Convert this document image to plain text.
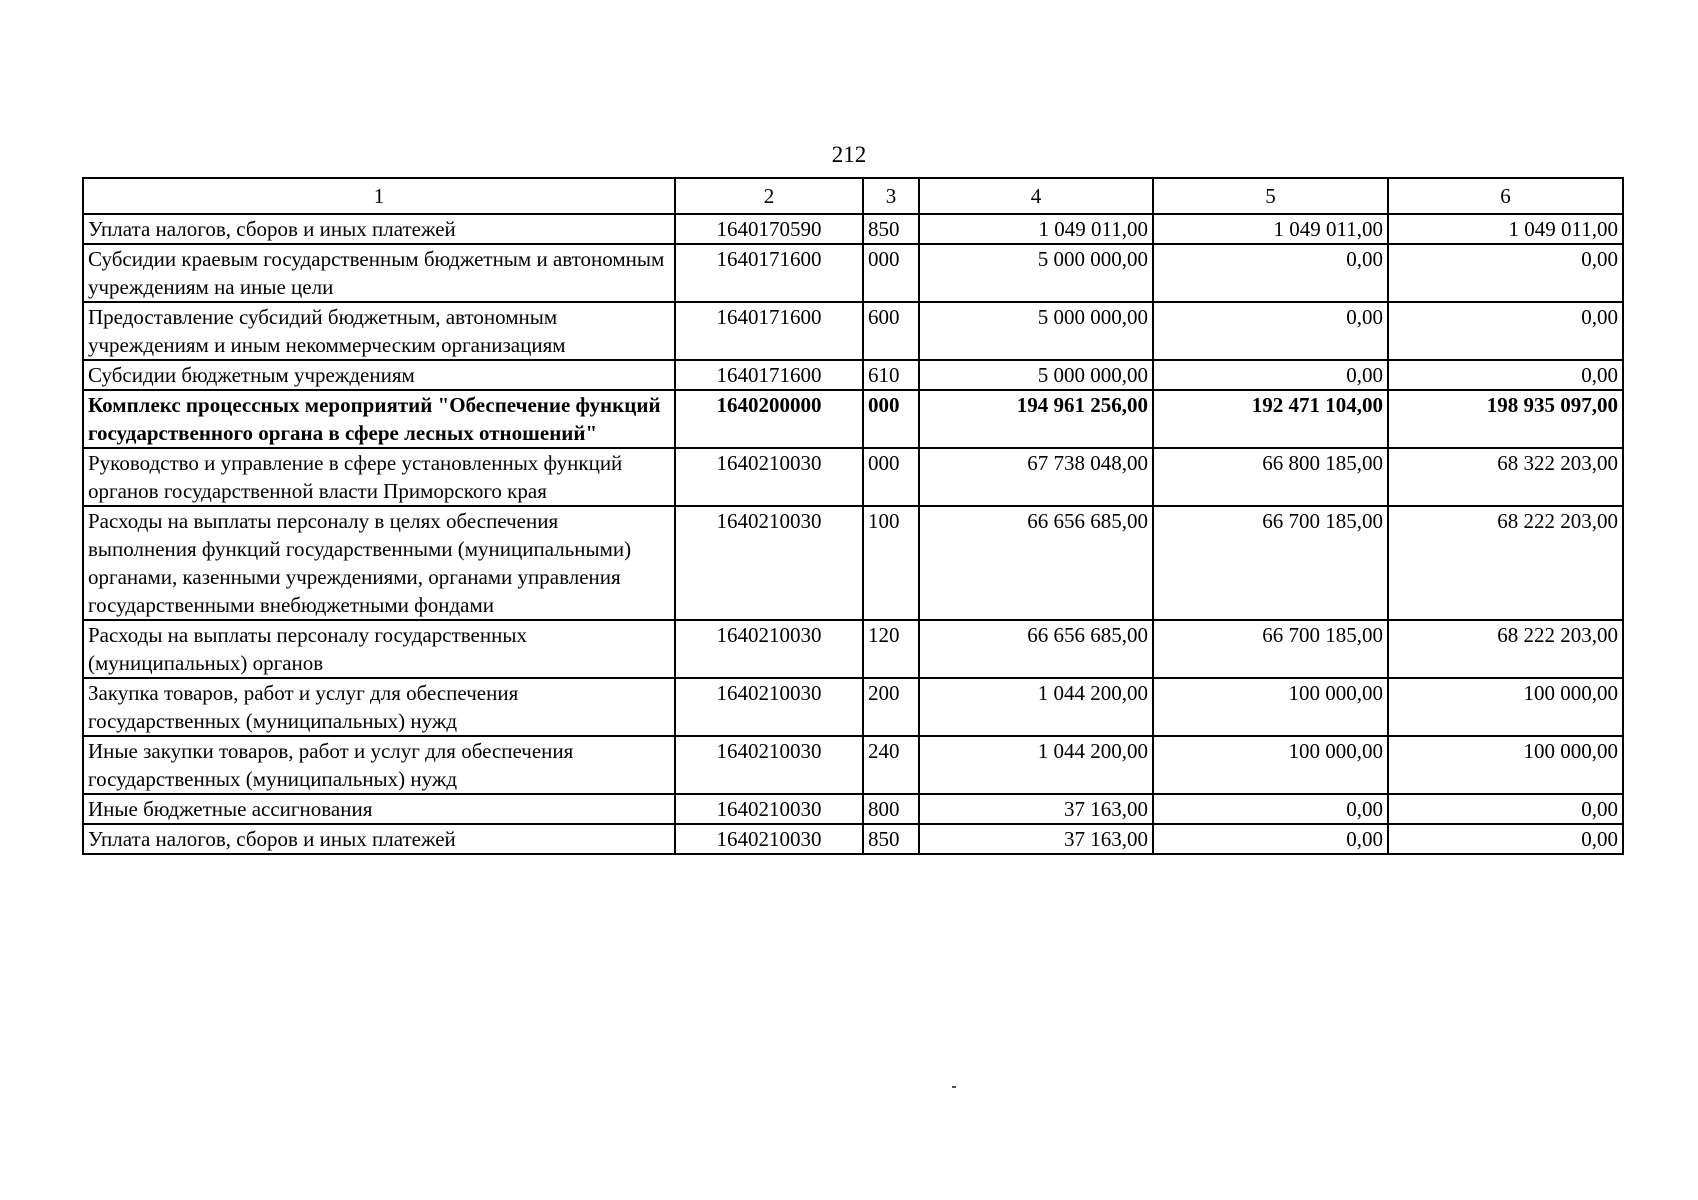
212
1	2	3	4	5	6
Уплата налогов, сборов и иных платежей	1640170590	850	1 049 011,00	1 049 011,00	1 049 011,00
Субсидии краевым государственным бюджетным и автономным учреждениям на иные цели	1640171600	000	5 000 000,00	0,00	0,00
Предоставление субсидий бюджетным, автономным учреждениям и иным некоммерческим организациям	1640171600	600	5 000 000,00	0,00	0,00
Субсидии бюджетным учреждениям	1640171600	610	5 000 000,00	0,00	0,00
Комплекс процессных мероприятий "Обеспечение функций государственного органа в сфере лесных отношений"	1640200000	000	194 961 256,00	192 471 104,00	198 935 097,00
Руководство и управление в сфере установленных функций органов государственной власти Приморского края	1640210030	000	67 738 048,00	66 800 185,00	68 322 203,00
Расходы на выплаты персоналу в целях обеспечения выполнения функций государственными (муниципальными) органами, казенными учреждениями, органами управления государственными внебюджетными фондами	1640210030	100	66 656 685,00	66 700 185,00	68 222 203,00
Расходы на выплаты персоналу государственных (муниципальных) органов	1640210030	120	66 656 685,00	66 700 185,00	68 222 203,00
Закупка товаров, работ и услуг для обеспечения государственных (муниципальных) нужд	1640210030	200	1 044 200,00	100 000,00	100 000,00
Иные закупки товаров, работ и услуг для обеспечения государственных (муниципальных) нужд	1640210030	240	1 044 200,00	100 000,00	100 000,00
Иные бюджетные ассигнования	1640210030	800	37 163,00	0,00	0,00
Уплата налогов, сборов и иных платежей	1640210030	850	37 163,00	0,00	0,00
